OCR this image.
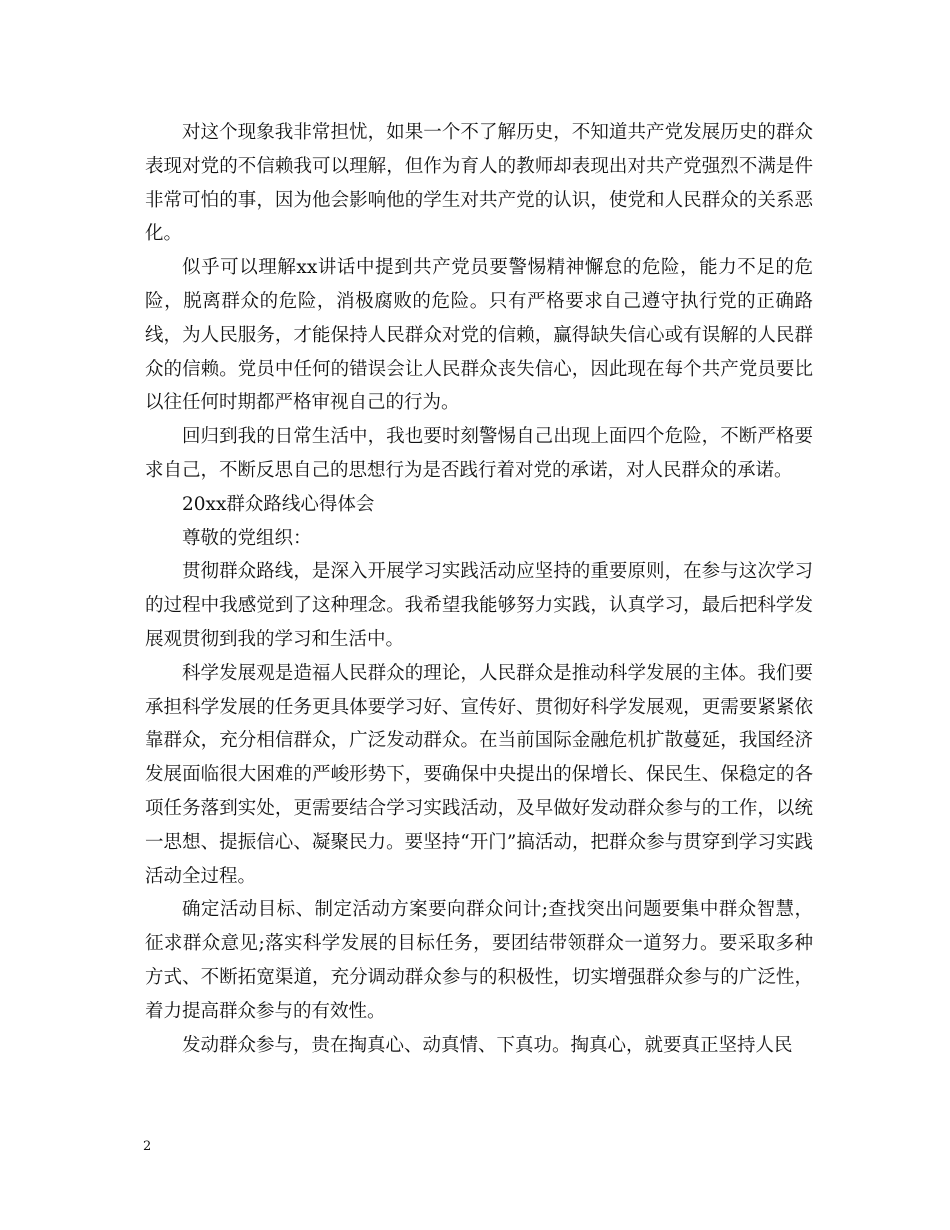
对这个现象我非常担忧，如果一个不了解历史，不知道共产党发展历史的群众表现对党的不信赖我可以理解，但作为育人的教师却表现出对共产党强烈不满是件非常可怕的事，因为他会影响他的学生对共产党的认识，使党和人民群众的关系恶化。

似乎可以理解xx讲话中提到共产党员要警惕精神懈怠的危险，能力不足的危险，脱离群众的危险，消极腐败的危险。只有严格要求自己遵守执行党的正确路线，为人民服务，才能保持人民群众对党的信赖，赢得缺失信心或有误解的人民群众的信赖。党员中任何的错误会让人民群众丧失信心，因此现在每个共产党员要比以往任何时期都严格审视自己的行为。

回归到我的日常生活中，我也要时刻警惕自己出现上面四个危险，不断严格要求自己，不断反思自己的思想行为是否践行着对党的承诺，对人民群众的承诺。

20xx群众路线心得体会

尊敬的党组织：

贯彻群众路线，是深入开展学习实践活动应坚持的重要原则，在参与这次学习的过程中我感觉到了这种理念。我希望我能够努力实践，认真学习，最后把科学发展观贯彻到我的学习和生活中。

科学发展观是造福人民群众的理论，人民群众是推动科学发展的主体。我们要承担科学发展的任务更具体要学习好、宣传好、贯彻好科学发展观，更需要紧紧依靠群众，充分相信群众，广泛发动群众。在当前国际金融危机扩散蔓延，我国经济发展面临很大困难的严峻形势下，要确保中央提出的保增长、保民生、保稳定的各项任务落到实处，更需要结合学习实践活动，及早做好发动群众参与的工作，以统一思想、提振信心、凝聚民力。要坚持“开门”搞活动，把群众参与贯穿到学习实践活动全过程。

确定活动目标、制定活动方案要向群众问计;查找突出问题要集中群众智慧，征求群众意见;落实科学发展的目标任务，要团结带领群众一道努力。要采取多种方式、不断拓宽渠道，充分调动群众参与的积极性，切实增强群众参与的广泛性，着力提高群众参与的有效性。

发动群众参与，贵在掏真心、动真情、下真功。掏真心，就要真正坚持人民

2
